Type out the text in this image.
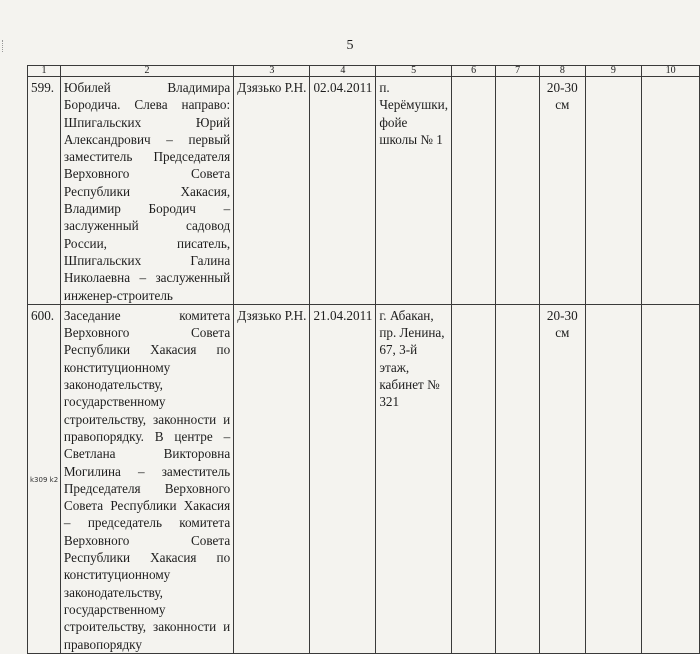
5
1	2	3	4	5	6	7	8	9	10
599.	Юбилей Владимира Бородича. Слева направо: Шпигальских Юрий Александрович – первый заместитель Председателя Верховного Совета Республики Хакасия, Владимир Бородич – заслуженный садовод России, писатель, Шпигальских Галина Николаевна – заслуженный инженер-строитель	Дзязько Р.Н.	02.04.2011	п. Черёмушки, фойе школы № 1			20-30 см		
600.	Заседание комитета Верховного Совета Республики Хакасия по конституционному законодательству, государственному строительству, законности и правопорядку. В центре – Светлана Викторовна Могилина – заместитель Председателя Верховного Совета Республики Хакасия – председатель комитета Верховного Совета Республики Хакасия по конституционному законодательству, государственному строительству, законности и правопорядку	Дзязько Р.Н.	21.04.2011	г. Абакан, пр. Ленина, 67, 3-й этаж, кабинет № 321			20-30 см		
k309 k2
